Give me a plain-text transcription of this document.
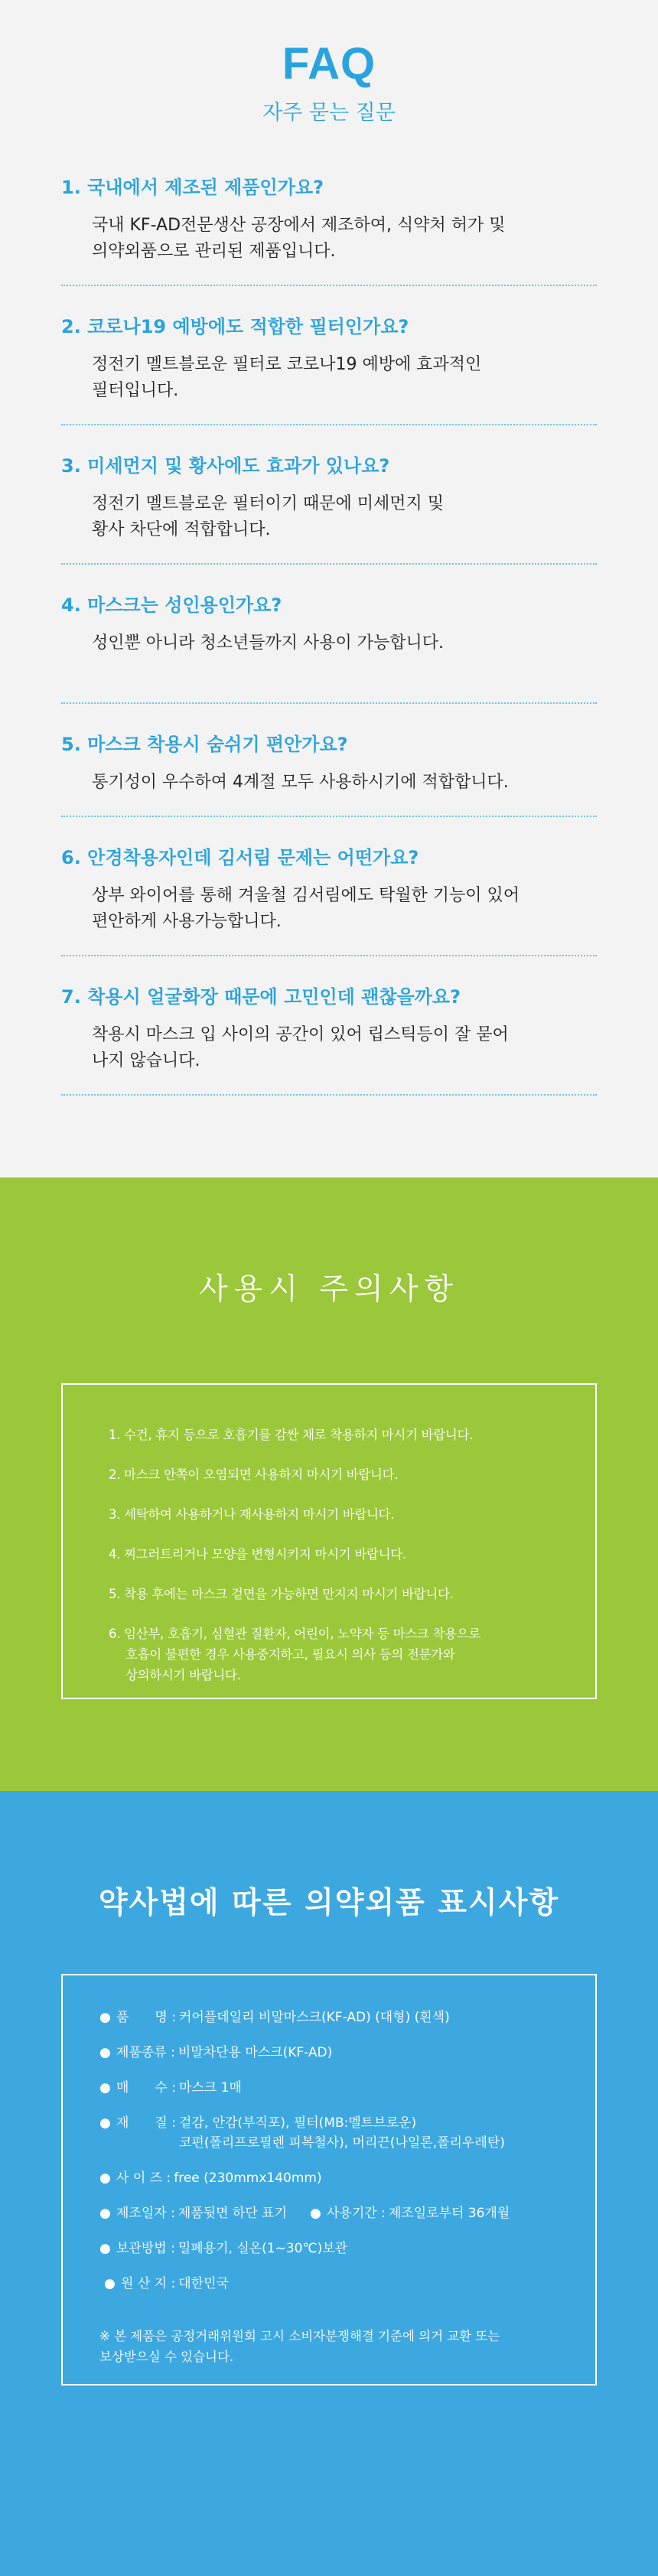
FAQ
자주 묻는 질문
1. 국내에서 제조된 제품인가요?
국내 KF-AD전문생산 공장에서 제조하여, 식약처 허가 및
의약외품으로 관리된 제품입니다.
2. 코로나19 예방에도 적합한 필터인가요?
정전기 멜트블로운 필터로 코로나19 예방에 효과적인
필터입니다.
3. 미세먼지 및 황사에도 효과가 있나요?
정전기 멜트블로운 필터이기 때문에 미세먼지 및
황사 차단에 적합합니다.
4. 마스크는 성인용인가요?
성인뿐 아니라 청소년들까지 사용이 가능합니다.
5. 마스크 착용시 숨쉬기 편안가요?
통기성이 우수하여 4계절 모두 사용하시기에 적합합니다.
6. 안경착용자인데 김서림 문제는 어떤가요?
상부 와이어를 통해 겨울철 김서림에도 탁월한 기능이 있어
편안하게 사용가능합니다.
7. 착용시 얼굴화장 때문에 고민인데 괜찮을까요?
착용시 마스크 입 사이의 공간이 있어 립스틱등이 잘 묻어
나지 않습니다.
사용시 주의사항
1. 수건, 휴지 등으로 호흡기를 감싼 채로 착용하지 마시기 바랍니다.
2. 마스크 안쪽이 오염되면 사용하지 마시기 바랍니다.
3. 세탁하여 사용하거나 재사용하지 마시기 바랍니다.
4. 찌그러트리거나 모양을 변형시키지 마시기 바랍니다.
5. 착용 후에는 마스크 겉면을 가능하면 만지지 마시기 바랍니다.
6. 임산부, 호흡기, 심혈관 질환자, 어린이, 노약자 등 마스크 착용으로
호흡이 불편한 경우 사용중지하고, 필요시 의사 등의 전문가와
상의하시기 바랍니다.
약사법에 따른 의약외품 표시사항
● 품　　명 : 커어플데일리 비말마스크(KF-AD) (대형) (흰색)
● 제품종류 : 비말차단용 마스크(KF-AD)
● 매　　수 : 마스크 1매
● 재　　질 : 겉감, 안감(부직포), 필터(MB:멜트브로운)
코편(폴리프로필렌 피복철사), 머리끈(나일론,폴리우레탄)
● 사 이 즈 : free (230mmx140mm)
● 제조일자 : 제품뒷면 하단 표기 ● 사용기간 : 제조일로부터 36개월
● 보관방법 : 밀폐용기, 실온(1~30℃)보관
● 원 산 지 : 대한민국
※ 본 제품은 공정거래위원회 고시 소비자분쟁해결 기준에 의거 교환 또는
보상받으실 수 있습니다.
